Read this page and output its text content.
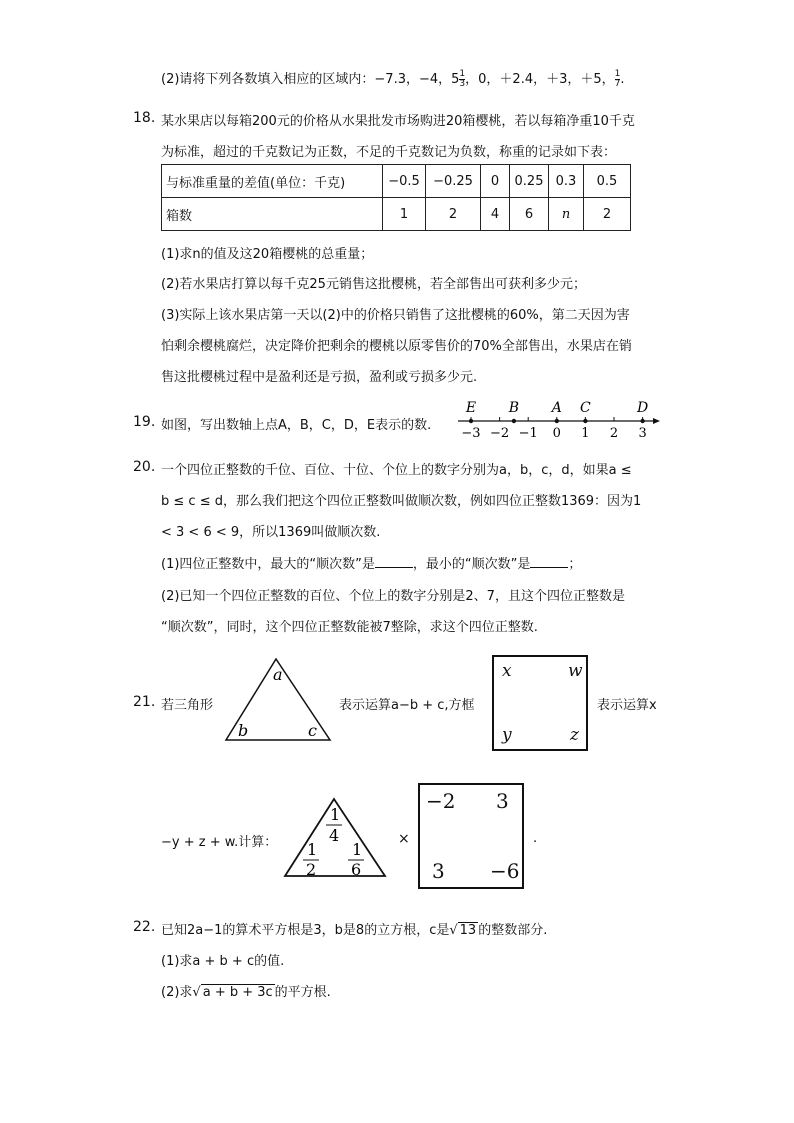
(2)请将下列各数填入相应的区域内：−7.3，−4，$5 \frac{1}{3}$ ，0，＋2.4，＋3，＋5， $\frac{1}{7}$ .
18. 某水果店以每箱200元的价格从水果批发市场购进20箱樱桃，若以每箱净重10千克
为标准，超过的千克数记为正数，不足的千克数记为负数，称重的记录如下表：
与标准重量的差值(单位：千克)	−0.5	−0.25	0	0.25	0.3	0.5
箱数	1	2	4	6	n	2
(1)求n的值及这20箱樱桃的总重量；
(2)若水果店打算以每千克25元销售这批樱桃，若全部售出可获利多少元；
(3)实际上该水果店第一天以(2)中的价格只销售了这批樱桃的60%，第二天因为害
怕剩余樱桃腐烂，决定降价把剩余的樱桃以原零售价的70%全部售出，水果店在销
售这批樱桃过程中是盈利还是亏损，盈利或亏损多少元.
19. 如图，写出数轴上点A，B，C，D，E表示的数.
−3 −2 −1 0 1 2 3
E B A C	D
20. 一个四位正整数的千位、百位、十位、个位上的数字分别为a，b，c，d，如果a ≤
b ≤ c ≤ d，那么我们把这个四位正整数叫做顺次数，例如四位正整数1369：因为1
< 3 < 6 < 9，所以1369叫做顺次数.
(1)四位正整数中，最大的“顺次数”是	，最小的“顺次数”是	；
(2)已知一个四位正整数的百位、个位上的数字分别是2、7，且这个四位正整数是
“顺次数”，同时，这个四位正整数能被7整除，求这个四位正整数.
21. 若三角形
a
b	c
表示运算a−b + c,方框
x	w
y	z
表示运算x
−y + z + w.计算：
1
4
1
2
1
6
×
−2 3
3 −6
.
22. 已知2a−1的算术平方根是3，b是8的立方根，c是√ 13 的整数部分.
(1)求a + b + c的值.
(2)求√ a + b + 3c 的平方根.
